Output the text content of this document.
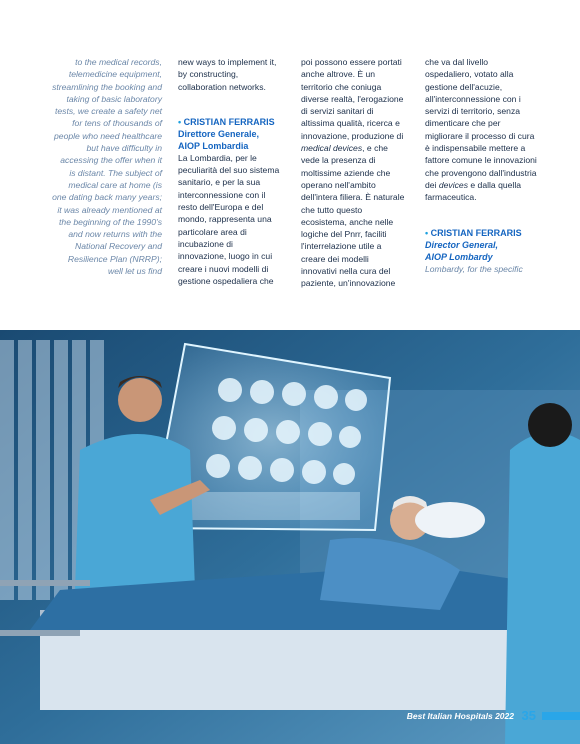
to the medical records, telemedicine equipment, streamlining the booking and taking of basic laboratory tests, we create a safety net for tens of thousands of people who need healthcare but have difficulty in accessing the offer when it is distant. The subject of medical care at home (is one dating back many years; it was already mentioned at the beginning of the 1990's and now returns with the National Recovery and Resilience Plan (NRRP); well let us find

new ways to implement it, by constructing, collaboration networks.

• CRISTIAN FERRARIS

Direttore Generale,

AIOP Lombardia

La Lombardia, per le peculiarità del suo sistema sanitario, e per la sua interconnessione con il resto dell'Europa e del mondo, rappresenta una particolare area di incubazione di innovazione, luogo in cui creare i nuovi modelli di gestione ospedaliera che

poi possono essere portati anche altrove. È un territorio che coniuga diverse realtà, l'erogazione di servizi sanitari di altissima qualità, ricerca e innovazione, produzione di medical devices, e che vede la presenza di moltissime aziende che operano nell'ambito dell'intera filiera. È naturale che tutto questo ecosistema, anche nelle logiche del Pnrr, faciliti l'interrelazione utile a creare dei modelli innovativi nella cura del paziente, un'innovazione

che va dal livello ospedaliero, votato alla gestione dell'acuzie, all'interconnessione con i servizi di territorio, senza dimenticare che per migliorare il processo di cura è indispensabile mettere a fattore comune le innovazioni che provengono dall'industria dei devices e dalla quella farmaceutica.

• CRISTIAN FERRARIS

Director General,

AIOP Lombardy

Lombardy, for the specific

Best Italian Hospitals 2022 35
